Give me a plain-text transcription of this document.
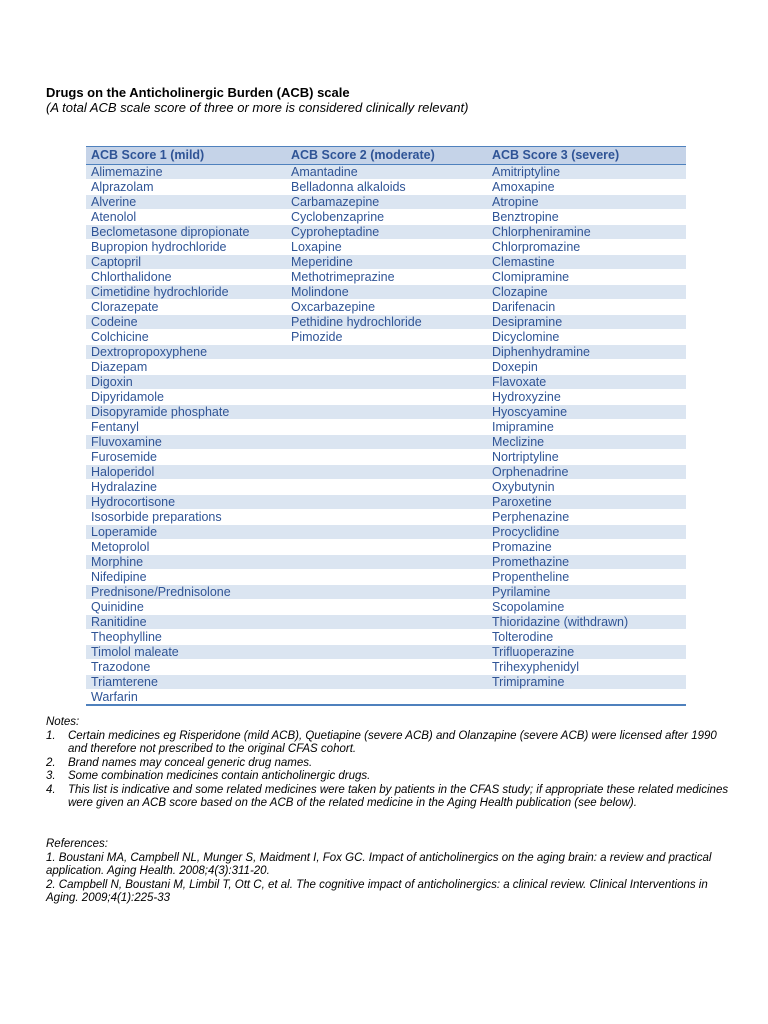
Drugs on the Anticholinergic Burden (ACB) scale

(A total ACB scale score of three or more is considered clinically relevant)

ACB Score 1 (mild)	ACB Score 2 (moderate)	ACB Score 3 (severe)
Alimemazine	Amantadine	Amitriptyline
Alprazolam	Belladonna alkaloids	Amoxapine
Alverine	Carbamazepine	Atropine
Atenolol	Cyclobenzaprine	Benztropine
Beclometasone dipropionate	Cyproheptadine	Chlorpheniramine
Bupropion hydrochloride	Loxapine	Chlorpromazine
Captopril	Meperidine	Clemastine
Chlorthalidone	Methotrimeprazine	Clomipramine
Cimetidine hydrochloride	Molindone	Clozapine
Clorazepate	Oxcarbazepine	Darifenacin
Codeine	Pethidine hydrochloride	Desipramine
Colchicine	Pimozide	Dicyclomine
Dextropropoxyphene		Diphenhydramine
Diazepam		Doxepin
Digoxin		Flavoxate
Dipyridamole		Hydroxyzine
Disopyramide phosphate		Hyoscyamine
Fentanyl		Imipramine
Fluvoxamine		Meclizine
Furosemide		Nortriptyline
Haloperidol		Orphenadrine
Hydralazine		Oxybutynin
Hydrocortisone		Paroxetine
Isosorbide preparations		Perphenazine
Loperamide		Procyclidine
Metoprolol		Promazine
Morphine		Promethazine
Nifedipine		Propentheline
Prednisone/Prednisolone		Pyrilamine
Quinidine		Scopolamine
Ranitidine		Thioridazine (withdrawn)
Theophylline		Tolterodine
Timolol maleate		Trifluoperazine
Trazodone		Trihexyphenidyl
Triamterene		Trimipramine
Warfarin		

Notes:

1. Certain medicines eg Risperidone (mild ACB), Quetiapine (severe ACB) and Olanzapine (severe ACB) were licensed after 1990 and therefore not prescribed to the original CFAS cohort.
2. Brand names may conceal generic drug names.
3. Some combination medicines contain anticholinergic drugs.
4. This list is indicative and some related medicines were taken by patients in the CFAS study; if appropriate these related medicines were given an ACB score based on the ACB of the related medicine in the Aging Health publication (see below).

References:

1. Boustani MA, Campbell NL, Munger S, Maidment I, Fox GC. Impact of anticholinergics on the aging brain: a review and practical application. Aging Health. 2008;4(3):311-20.

2. Campbell N, Boustani M, Limbil T, Ott C, et al. The cognitive impact of anticholinergics: a clinical review. Clinical Interventions in Aging. 2009;4(1):225-33
